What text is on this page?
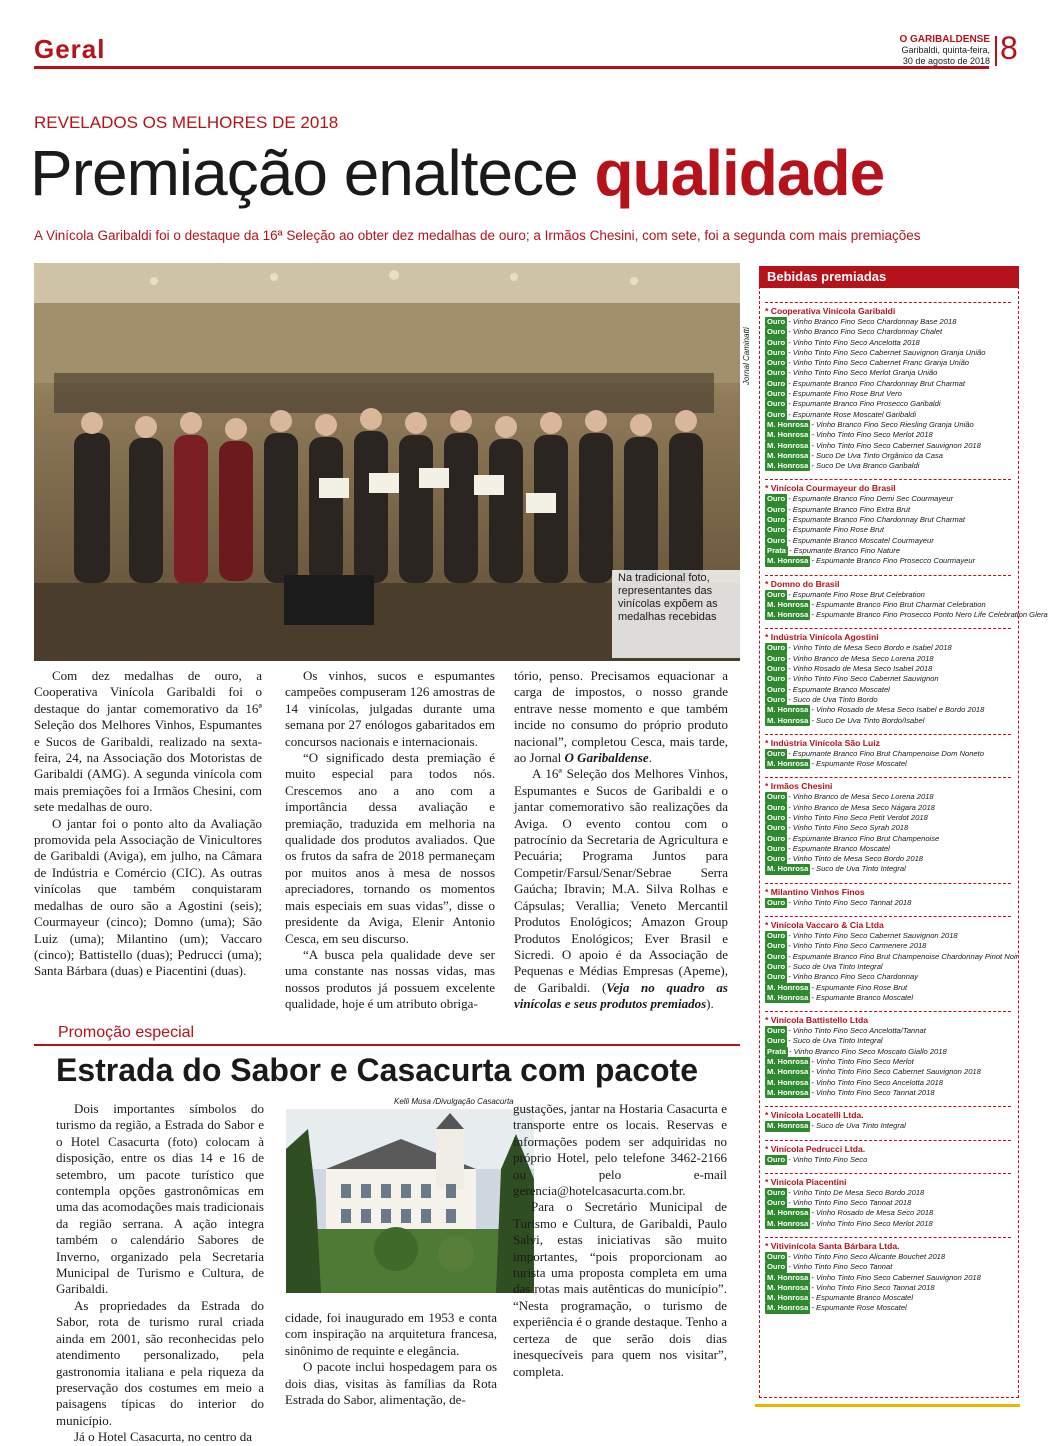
Geral	O GARIBALDENSE
Garibaldi, quinta-feira,
30 de agosto de 2018 8
REVELADOS OS MELHORES DE 2018
Premiação enaltece qualidade
A Vinícola Garibaldi foi o destaque da 16ª Seleção ao obter dez medalhas de ouro; a Irmãos Chesini, com sete, foi a segunda com mais premiações
Jornal Caminatti
Na tradicional foto, representantes das vinícolas expõem as medalhas recebidas

Com dez medalhas de ouro, a Cooperativa Vinícola Garibaldi foi o destaque do jantar comemorativo da 16ª Seleção dos Melhores Vinhos, Espumantes e Sucos de Garibaldi, realizado na sexta-feira, 24, na Associação dos Motoristas de Garibaldi (AMG). A segunda vinícola com mais premiações foi a Irmãos Chesini, com sete medalhas de ouro.

O jantar foi o ponto alto da Avaliação promovida pela Associação de Vinicultores de Garibaldi (Aviga), em julho, na Câmara de Indústria e Comércio (CIC). As outras vinícolas que também conquistaram medalhas de ouro são a Agostini (seis); Courmayeur (cinco); Domno (uma); São Luiz (uma); Milantino (um); Vaccaro (cinco); Battistello (duas); Pedrucci (uma); Santa Bárbara (duas) e Piacentini (duas).

Os vinhos, sucos e espumantes campeões compuseram 126 amostras de 14 vinícolas, julgadas durante uma semana por 27 enólogos gabaritados em concursos nacionais e internacionais.

“O significado desta premiação é muito especial para todos nós. Crescemos ano a ano com a importância dessa avaliação e premiação, traduzida em melhoria na qualidade dos produtos avaliados. Que os frutos da safra de 2018 permaneçam por muitos anos à mesa de nossos apreciadores, tornando os momentos mais especiais em suas vidas”, disse o presidente da Aviga, Elenir Antonio Cesca, em seu discurso.

“A busca pela qualidade deve ser uma constante nas nossas vidas, mas nossos produtos já possuem excelente qualidade, hoje é um atributo obriga-

tório, penso. Precisamos equacionar a carga de impostos, o nosso grande entrave nesse momento e que também incide no consumo do próprio produto nacional”, completou Cesca, mais tarde, ao Jornal O Garibaldense.

A 16ª Seleção dos Melhores Vinhos, Espumantes e Sucos de Garibaldi e o jantar comemorativo são realizações da Aviga. O evento contou com o patrocínio da Secretaria de Agricultura e Pecuária; Programa Juntos para Competir/Farsul/Senar/Sebrae Serra Gaúcha; Ibravin; M.A. Silva Rolhas e Cápsulas; Verallia; Veneto Mercantil Produtos Enológicos; Amazon Group Produtos Enológicos; Ever Brasil e Sicredi. O apoio é da Associação de Pequenas e Médias Empresas (Apeme), de Garibaldi. (Veja no quadro as vinícolas e seus produtos premiados).

Promoção especial
Estrada do Sabor e Casacurta com pacote
Kelli Musa /Divulgação Casacurta

Dois importantes símbolos do turismo da região, a Estrada do Sabor e o Hotel Casacurta (foto) colocam à disposição, entre os dias 14 e 16 de setembro, um pacote turístico que contempla opções gastronômicas em uma das acomodações mais tradicionais da região serrana. A ação integra também o calendário Sabores de Inverno, organizado pela Secretaria Municipal de Turismo e Cultura, de Garibaldi.

As propriedades da Estrada do Sabor, rota de turismo rural criada ainda em 2001, são reconhecidas pelo atendimento personalizado, pela gastronomia italiana e pela riqueza da preservação dos costumes em meio a paisagens típicas do interior do município.

Já o Hotel Casacurta, no centro da

cidade, foi inaugurado em 1953 e conta com inspiração na arquitetura francesa, sinônimo de requinte e elegância.

O pacote inclui hospedagem para os dois dias, visitas às famílias da Rota Estrada do Sabor, alimentação, de-

gustações, jantar na Hostaria Casacurta e transporte entre os locais. Reservas e informações podem ser adquiridas no próprio Hotel, pelo telefone 3462-2166 ou pelo e-mail gerencia@hotelcasacurta.com.br.

Para o Secretário Municipal de Turismo e Cultura, de Garibaldi, Paulo Salvi, estas iniciativas são muito importantes, “pois proporcionam ao turista uma proposta completa em uma das rotas mais autênticas do município”. “Nesta programação, o turismo de experiência é o grande destaque. Tenho a certeza de que serão dois dias inesquecíveis para quem nos visitar”, completa.

Bebidas premiadas
* Cooperativa Vinícola Garibaldi
Ouro - Vinho Branco Fino Seco Chardonnay Base 2018
Ouro - Vinho Branco Fino Seco Chardonnay Chalet
Ouro - Vinho Tinto Fino Seco Ancelotta 2018
Ouro - Vinho Tinto Fino Seco Cabernet Sauvignon Granja União
Ouro - Vinho Tinto Fino Seco Cabernet Franc Granja União
Ouro - Vinho Tinto Fino Seco Merlot Granja União
Ouro - Espumante Branco Fino Chardonnay Brut Charmat
Ouro - Espumante Fino Rose Brut Vero
Ouro - Espumante Branco Fino Prosecco Garibaldi
Ouro - Espumante Rose Moscatel Garibaldi
M. Honrosa - Vinho Branco Fino Seco Riesling Granja União
M. Honrosa - Vinho Tinto Fino Seco Merlot 2018
M. Honrosa - Vinho Tinto Fino Seco Cabernet Sauvignon 2018
M. Honrosa - Suco De Uva Tinto Orgânico da Casa
M. Honrosa - Suco De Uva Branco Garibaldi
* Vinícola Courmayeur do Brasil
Ouro - Espumante Branco Fino Demi Sec Courmayeur
Ouro - Espumante Branco Fino Extra Brut
Ouro - Espumante Branco Fino Chardonnay Brut Charmat
Ouro - Espumante Fino Rose Brut
Ouro - Espumante Branco Moscatel Courmayeur
Prata - Espumante Branco Fino Nature
M. Honrosa - Espumante Branco Fino Prosecco Courmayeur
* Domno do Brasil
Ouro - Espumante Fino Rose Brut Celebration
M. Honrosa - Espumante Branco Fino Brut Charmat Celebration
M. Honrosa - Espumante Branco Fino Prosecco Ponto Nero Life Celebration Glera
* Indústria Vinícola Agostini
Ouro - Vinho Tinto de Mesa Seco Bordo e Isabel 2018
Ouro - Vinho Branco de Mesa Seco Lorena 2018
Ouro - Vinho Rosado de Mesa Seco Isabel 2018
Ouro - Vinho Tinto Fino Seco Cabernet Sauvignon
Ouro - Espumante Branco Moscatel
Ouro - Suco de Uva Tinto Bordo
M. Honrosa - Vinho Rosado de Mesa Seco Isabel e Bordo 2018
M. Honrosa - Suco De Uva Tinto Bordo/Isabel
* Indústria Vinícola São Luiz
Ouro - Espumante Branco Fino Brut Champenoise Dom Noneto
M. Honrosa - Espumante Rose Moscatel
* Irmãos Chesini
Ouro - Vinho Branco de Mesa Seco Lorena 2018
Ouro - Vinho Branco de Mesa Seco Nágara 2018
Ouro - Vinho Tinto Fino Seco Petit Verdot 2018
Ouro - Vinho Tinto Fino Seco Syrah 2018
Ouro - Espumante Branco Fino Brut Champenoise
Ouro - Espumante Branco Moscatel
Ouro - Vinho Tinto de Mesa Seco Bordo 2018
M. Honrosa - Suco de Uva Tinto Integral
* Milantino Vinhos Finos
Ouro - Vinho Tinto Fino Seco Tannat 2018
* Vinícola Vaccaro & Cia Ltda
Ouro - Vinho Tinto Fino Seco Cabernet Sauvignon 2018
Ouro - Vinho Tinto Fino Seco Carmenere 2018
Ouro - Espumante Branco Fino Brut Champenoise Chardonnay Pinot Noir
Ouro - Suco de Uva Tinto Integral
Ouro - Vinho Branco Fino Seco Chardonnay
M. Honrosa - Espumante Fino Rose Brut
M. Honrosa - Espumante Branco Moscatel
* Vinícola Battistello Ltda
Ouro - Vinho Tinto Fino Seco Ancelotta/Tannat
Ouro - Suco de Uva Tinto Integral
Prata - Vinho Branco Fino Seco Moscato Giallo 2018
M. Honrosa - Vinho Tinto Fino Seco Merlot
M. Honrosa - Vinho Tinto Fino Seco Cabernet Sauvignon 2018
M. Honrosa - Vinho Tinto Fino Seco Ancelotta 2018
M. Honrosa - Vinho Tinto Fino Seco Tannat 2018
* Vinícola Locatelli Ltda.
M. Honrosa - Suco de Uva Tinto Integral
* Vinícola Pedrucci Ltda.
Ouro - Vinho Tinto Fino Seco
* Vinícola Piacentini
Ouro - Vinho Tinto De Mesa Seco Bordo 2018
Ouro - Vinho Tinto Fino Seco Tannat 2018
M. Honrosa - Vinho Rosado de Mesa Seco 2018
M. Honrosa - Vinho Tinto Fino Seco Merlot 2018
* Vitivinícola Santa Bárbara Ltda.
Ouro - Vinho Tinto Fino Seco Alicante Bouchet 2018
Ouro - Vinho Tinto Fino Seco Tannat
M. Honrosa - Vinho Tinto Fino Seco Cabernet Sauvignon 2018
M. Honrosa - Vinho Tinto Fino Seco Tannat 2018
M. Honrosa - Espumante Branco Moscatel
M. Honrosa - Espumante Rose Moscatel
